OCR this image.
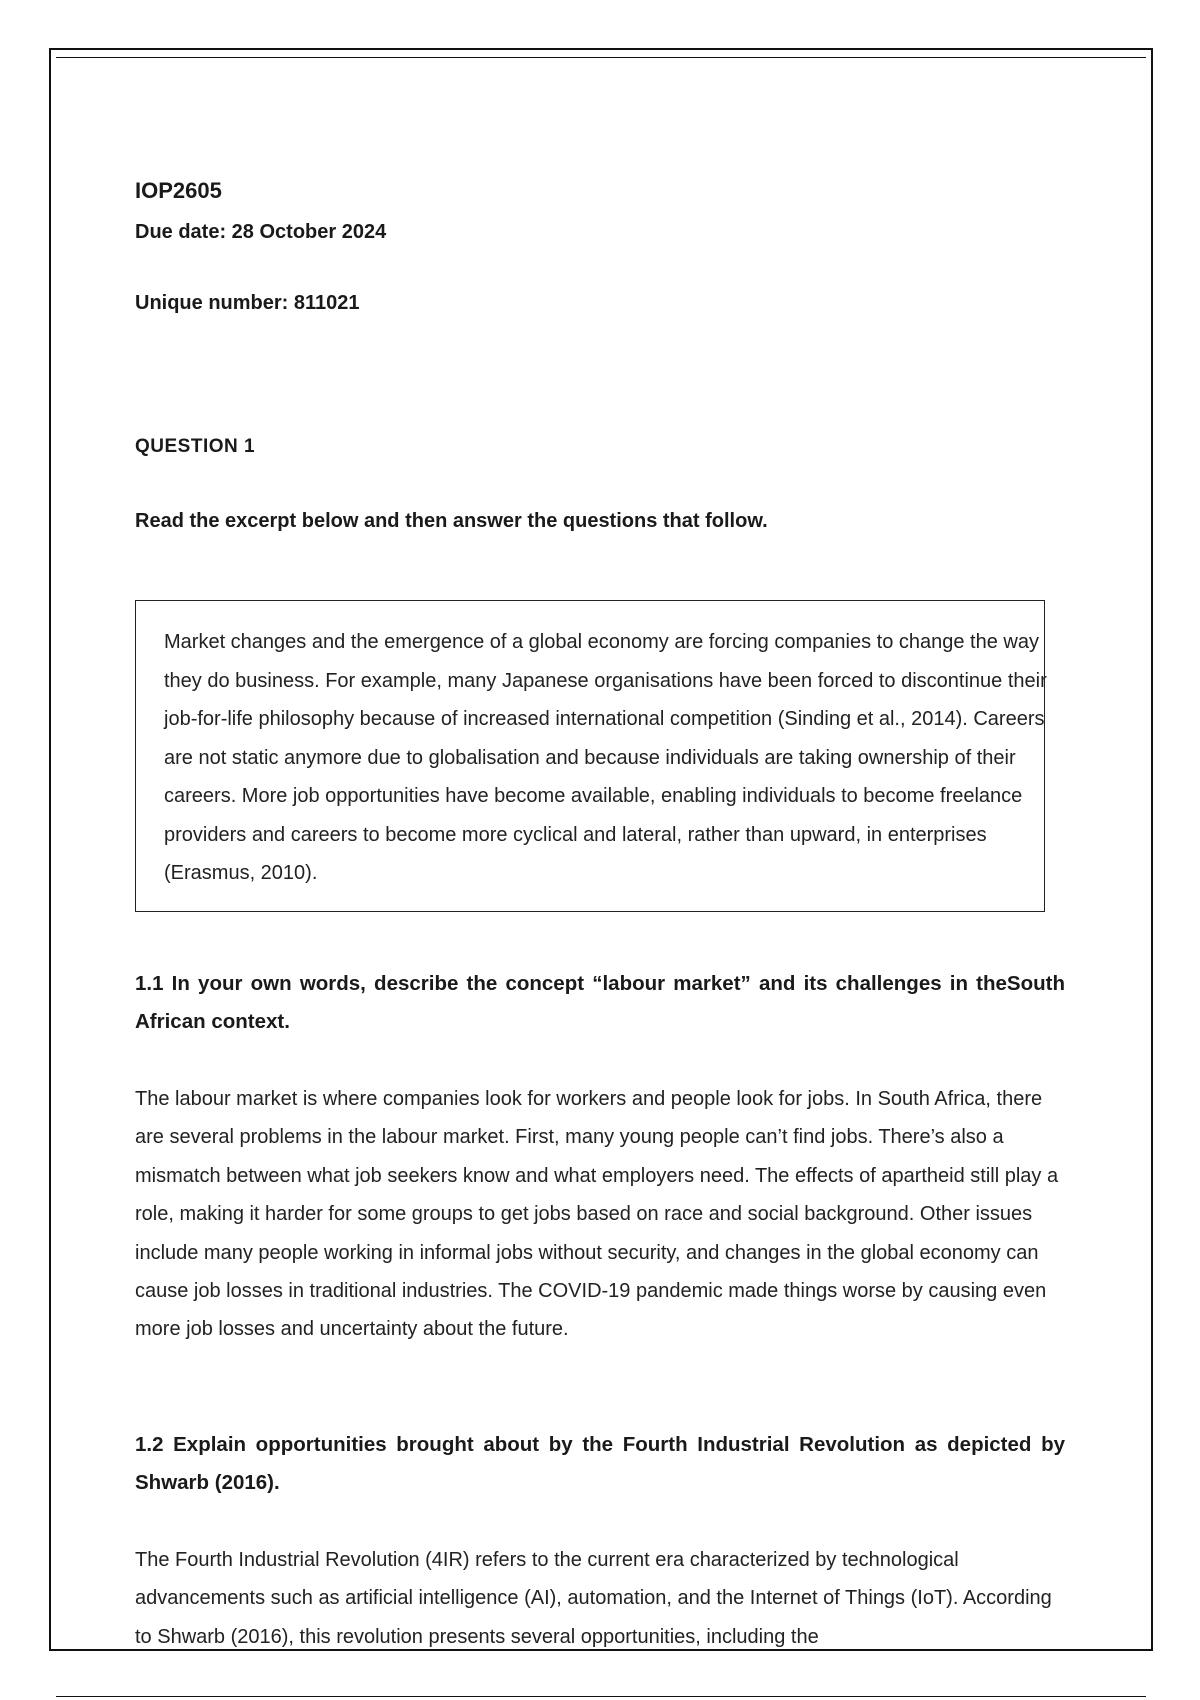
IOP2605

Due date: 28 October 2024

Unique number: 811021

QUESTION 1

Read the excerpt below and then answer the questions that follow.

Market changes and the emergence of a global economy are forcing companies to change the way they do business. For example, many Japanese organisations have been forced to discontinue their job-for-life philosophy because of increased international competition (Sinding et al., 2014). Careers are not static anymore due to globalisation and because individuals are taking ownership of their careers. More job opportunities have become available, enabling individuals to become freelance providers and careers to become more cyclical and lateral, rather than upward, in enterprises (Erasmus, 2010).

1.1 In your own words, describe the concept “labour market” and its challenges in theSouth African context.

The labour market is where companies look for workers and people look for jobs. In South Africa, there are several problems in the labour market. First, many young people can’t find jobs. There’s also a mismatch between what job seekers know and what employers need. The effects of apartheid still play a role, making it harder for some groups to get jobs based on race and social background. Other issues include many people working in informal jobs without security, and changes in the global economy can cause job losses in traditional industries. The COVID-19 pandemic made things worse by causing even more job losses and uncertainty about the future.

1.2 Explain opportunities brought about by the Fourth Industrial Revolution as depicted by Shwarb (2016).

The Fourth Industrial Revolution (4IR) refers to the current era characterized by technological advancements such as artificial intelligence (AI), automation, and the Internet of Things (IoT). According to Shwarb (2016), this revolution presents several opportunities, including the
